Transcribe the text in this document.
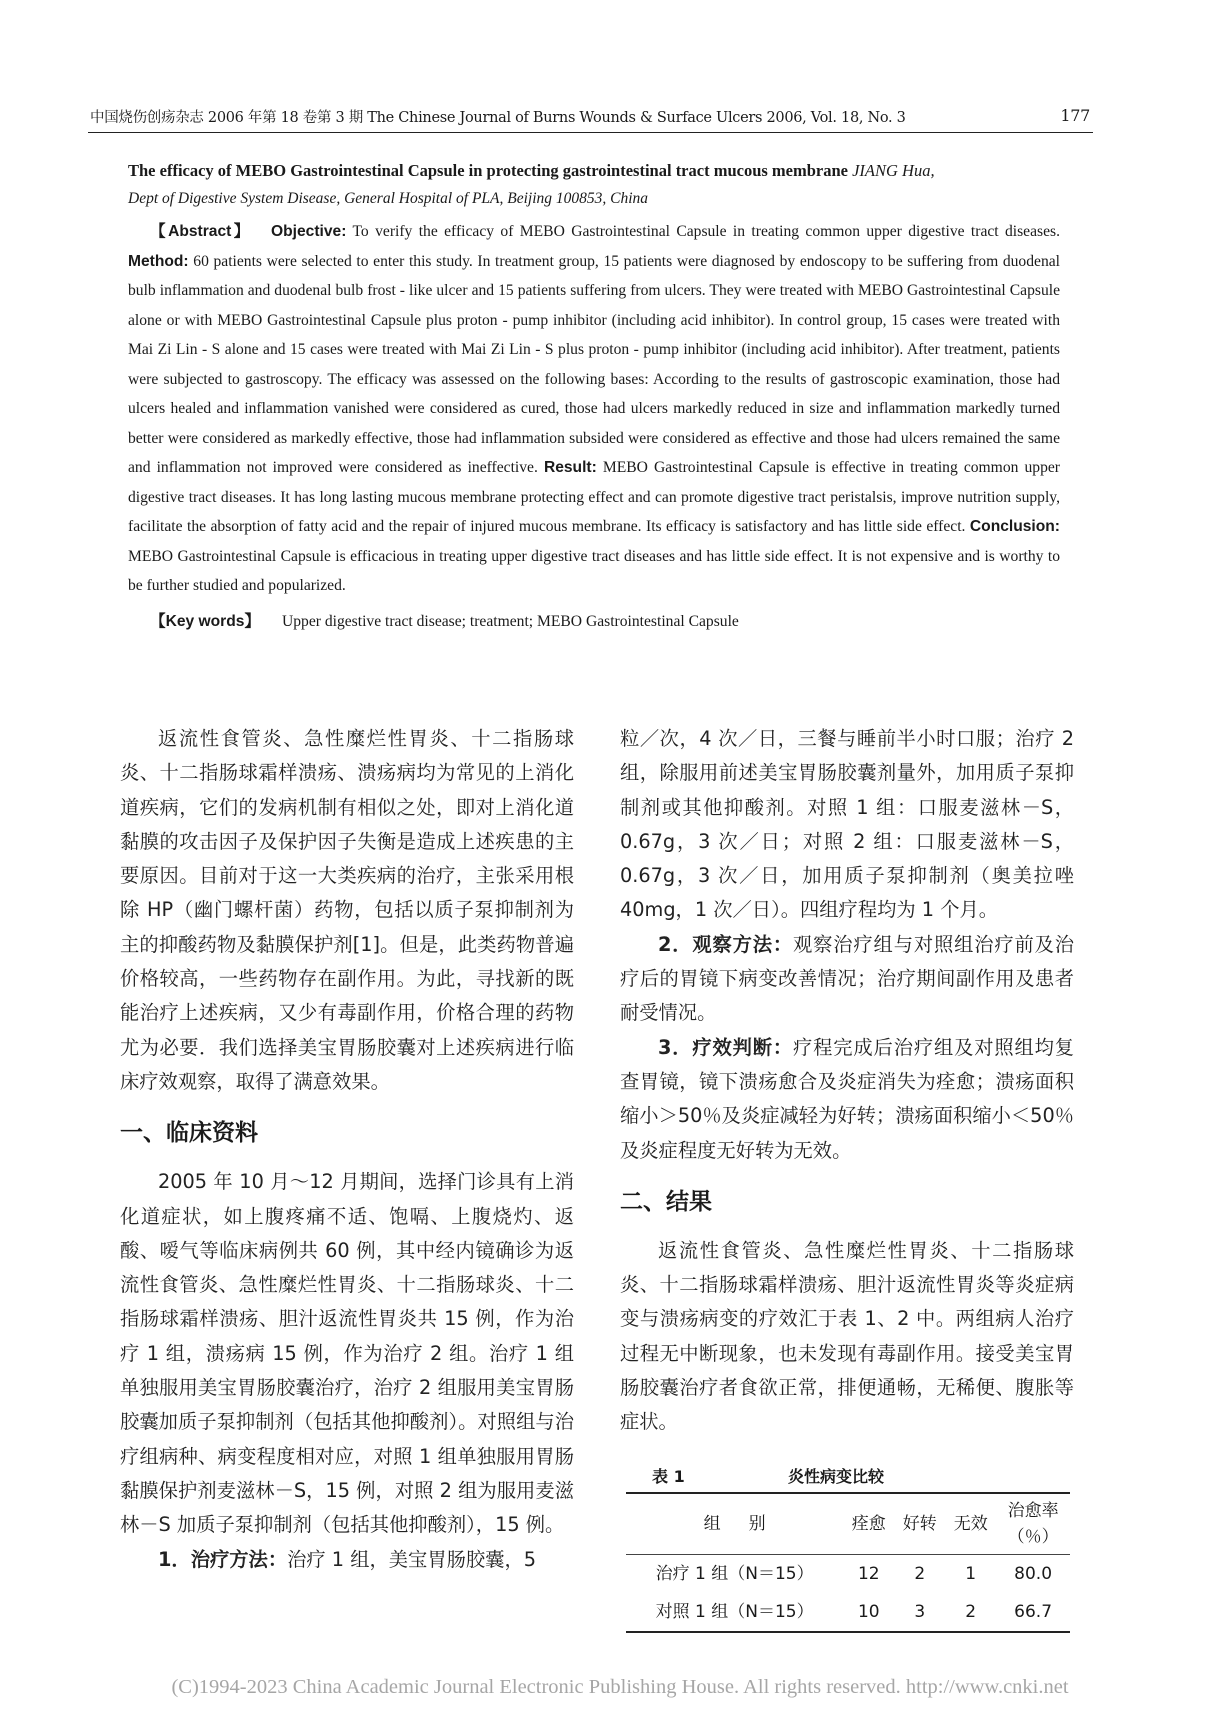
中国烧伤创疡杂志 2006 年第 18 卷第 3 期 The Chinese Journal of Burns Wounds & Surface Ulcers 2006, Vol. 18, No. 3	177

The efficacy of MEBO Gastrointestinal Capsule in protecting gastrointestinal tract mucous membrane JIANG Hua,

Dept of Digestive System Disease, General Hospital of PLA, Beijing 100853, China

【Abstract】 Objective: To verify the efficacy of MEBO Gastrointestinal Capsule in treating common upper digestive tract diseases. Method: 60 patients were selected to enter this study. In treatment group, 15 patients were diagnosed by endoscopy to be suffering from duodenal bulb inflammation and duodenal bulb frost - like ulcer and 15 patients suffering from ulcers. They were treated with MEBO Gastrointestinal Capsule alone or with MEBO Gastrointestinal Capsule plus proton - pump inhibitor (including acid inhibitor). In control group, 15 cases were treated with Mai Zi Lin - S alone and 15 cases were treated with Mai Zi Lin - S plus proton - pump inhibitor (including acid inhibitor). After treatment, patients were subjected to gastroscopy. The efficacy was assessed on the following bases: According to the results of gastroscopic examination, those had ulcers healed and inflammation vanished were considered as cured, those had ulcers markedly reduced in size and inflammation markedly turned better were considered as markedly effective, those had inflammation subsided were considered as effective and those had ulcers remained the same and inflammation not improved were considered as ineffective. Result: MEBO Gastrointestinal Capsule is effective in treating common upper digestive tract diseases. It has long lasting mucous membrane protecting effect and can promote digestive tract peristalsis, improve nutrition supply, facilitate the absorption of fatty acid and the repair of injured mucous membrane. Its efficacy is satisfactory and has little side effect. Conclusion: MEBO Gastrointestinal Capsule is efficacious in treating upper digestive tract diseases and has little side effect. It is not expensive and is worthy to be further studied and popularized.

【Key words】 Upper digestive tract disease; treatment; MEBO Gastrointestinal Capsule

返流性食管炎、急性糜烂性胃炎、十二指肠球炎、十二指肠球霜样溃疡、溃疡病均为常见的上消化道疾病，它们的发病机制有相似之处，即对上消化道黏膜的攻击因子及保护因子失衡是造成上述疾患的主要原因。目前对于这一大类疾病的治疗，主张采用根除 HP（幽门螺杆菌）药物，包括以质子泵抑制剂为主的抑酸药物及黏膜保护剂[1]。但是，此类药物普遍价格较高，一些药物存在副作用。为此，寻找新的既能治疗上述疾病，又少有毒副作用，价格合理的药物尤为必要．我们选择美宝胃肠胶囊对上述疾病进行临床疗效观察，取得了满意效果。

一、临床资料

2005 年 10 月～12 月期间，选择门诊具有上消化道症状，如上腹疼痛不适、饱嗝、上腹烧灼、返酸、嗳气等临床病例共 60 例，其中经内镜确诊为返流性食管炎、急性糜烂性胃炎、十二指肠球炎、十二指肠球霜样溃疡、胆汁返流性胃炎共 15 例，作为治疗 1 组，溃疡病 15 例，作为治疗 2 组。治疗 1 组单独服用美宝胃肠胶囊治疗，治疗 2 组服用美宝胃肠胶囊加质子泵抑制剂（包括其他抑酸剂）。对照组与治疗组病种、病变程度相对应，对照 1 组单独服用胃肠黏膜保护剂麦滋林－S，15 例，对照 2 组为服用麦滋林－S 加质子泵抑制剂（包括其他抑酸剂），15 例。

1．治疗方法：治疗 1 组，美宝胃肠胶囊，5

粒／次，4 次／日，三餐与睡前半小时口服；治疗 2 组，除服用前述美宝胃肠胶囊剂量外，加用质子泵抑制剂或其他抑酸剂。对照 1 组：口服麦滋林－S，0.67g，3 次／日；对照 2 组：口服麦滋林－S，0.67g，3 次／日，加用质子泵抑制剂（奥美拉唑 40mg，1 次／日）。四组疗程均为 1 个月。

2．观察方法：观察治疗组与对照组治疗前及治疗后的胃镜下病变改善情况；治疗期间副作用及患者耐受情况。

3．疗效判断：疗程完成后治疗组及对照组均复查胃镜，镜下溃疡愈合及炎症消失为痊愈；溃疡面积缩小＞50％及炎症减轻为好转；溃疡面积缩小＜50％及炎症程度无好转为无效。

二、结果

返流性食管炎、急性糜烂性胃炎、十二指肠球炎、十二指肠球霜样溃疡、胆汁返流性胃炎等炎症病变与溃疡病变的疗效汇于表 1、2 中。两组病人治疗过程无中断现象，也未发现有毒副作用。接受美宝胃肠胶囊治疗者食欲正常，排便通畅，无稀便、腹胀等症状。

表 1	炎性病变比较
组别	痊愈	好转	无效	治愈率
（％）
治疗 1 组（N＝15）	12	2	1	80.0
对照 1 组（N＝15）	10	3	2	66.7
(C)1994-2023 China Academic Journal Electronic Publishing House. All rights reserved. http://www.cnki.net
